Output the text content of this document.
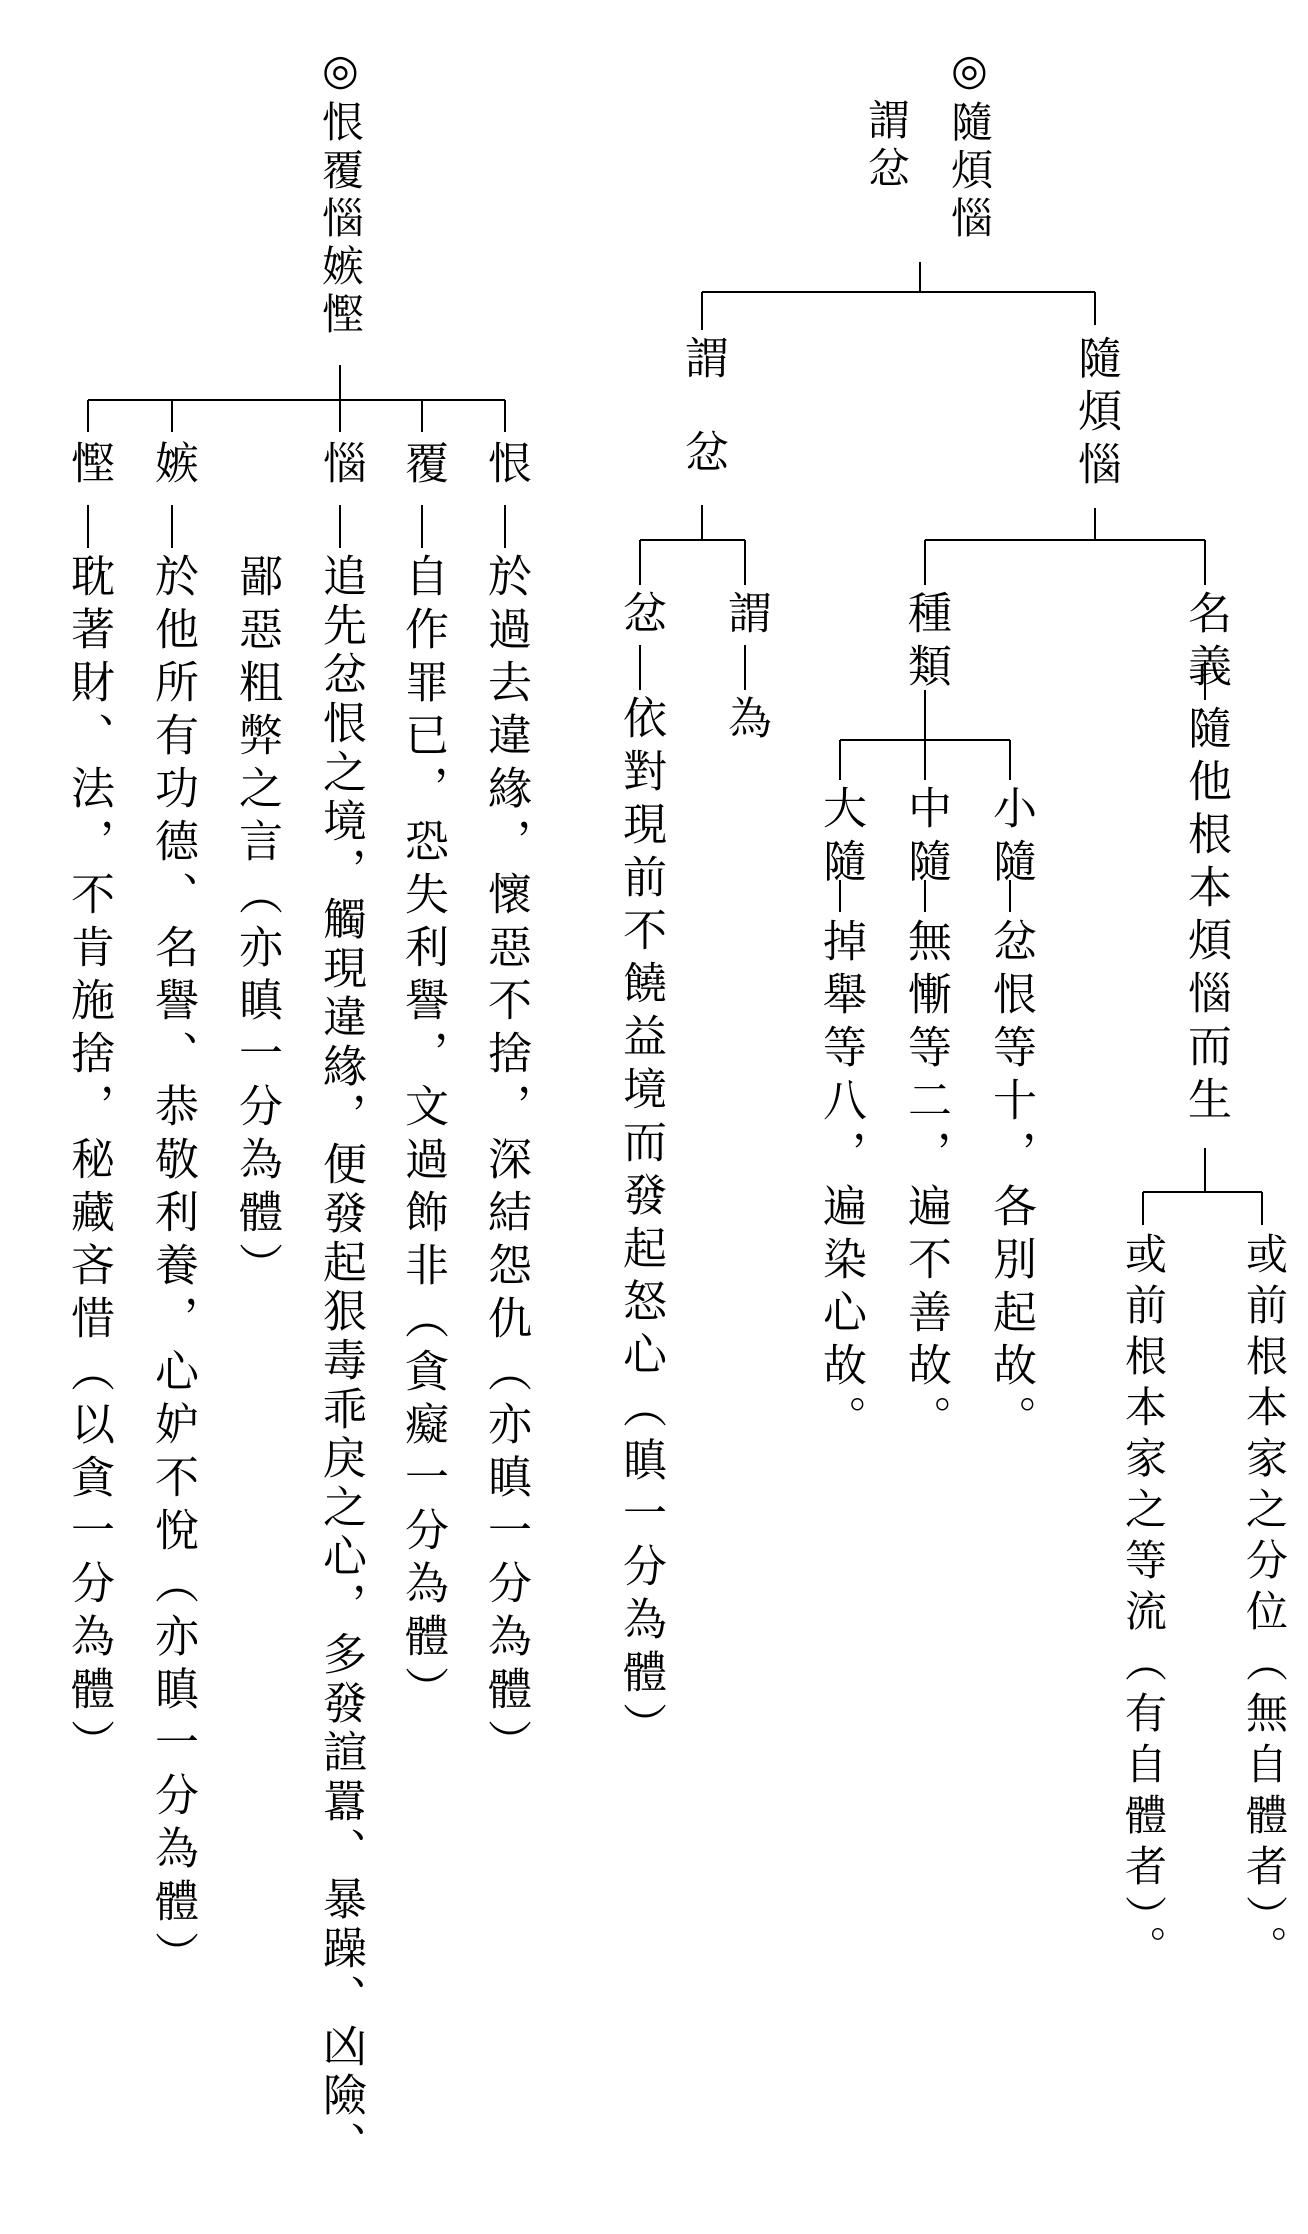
◎隨煩惱
謂忿
隨煩惱
謂忿
名義
隨他根本煩惱而生
或前根本家之分位（無自體者）。
或前根本家之等流（有自體者）。
種類
小隨
忿恨等十，各別起故。
中隨
無慚等二，遍不善故。
大隨
掉舉等八，遍染心故。
謂
為
忿
依對現前不饒益境而發起怒心（瞋一分為體）
◎恨覆惱嫉慳
恨
於過去違緣，懷惡不捨，深結怨仇（亦瞋一分為體）
覆
自作罪已，恐失利譽，文過飾非（貪癡一分為體）
惱
追先忿恨之境，觸現違緣，便發起狠毒乖戾之心，多發諠囂、暴躁、凶險、
鄙惡粗弊之言（亦瞋一分為體）
嫉
於他所有功德、名譽、恭敬利養，心妒不悅（亦瞋一分為體）
慳
耽著財、法，不肯施捨，秘藏吝惜（以貪一分為體）
